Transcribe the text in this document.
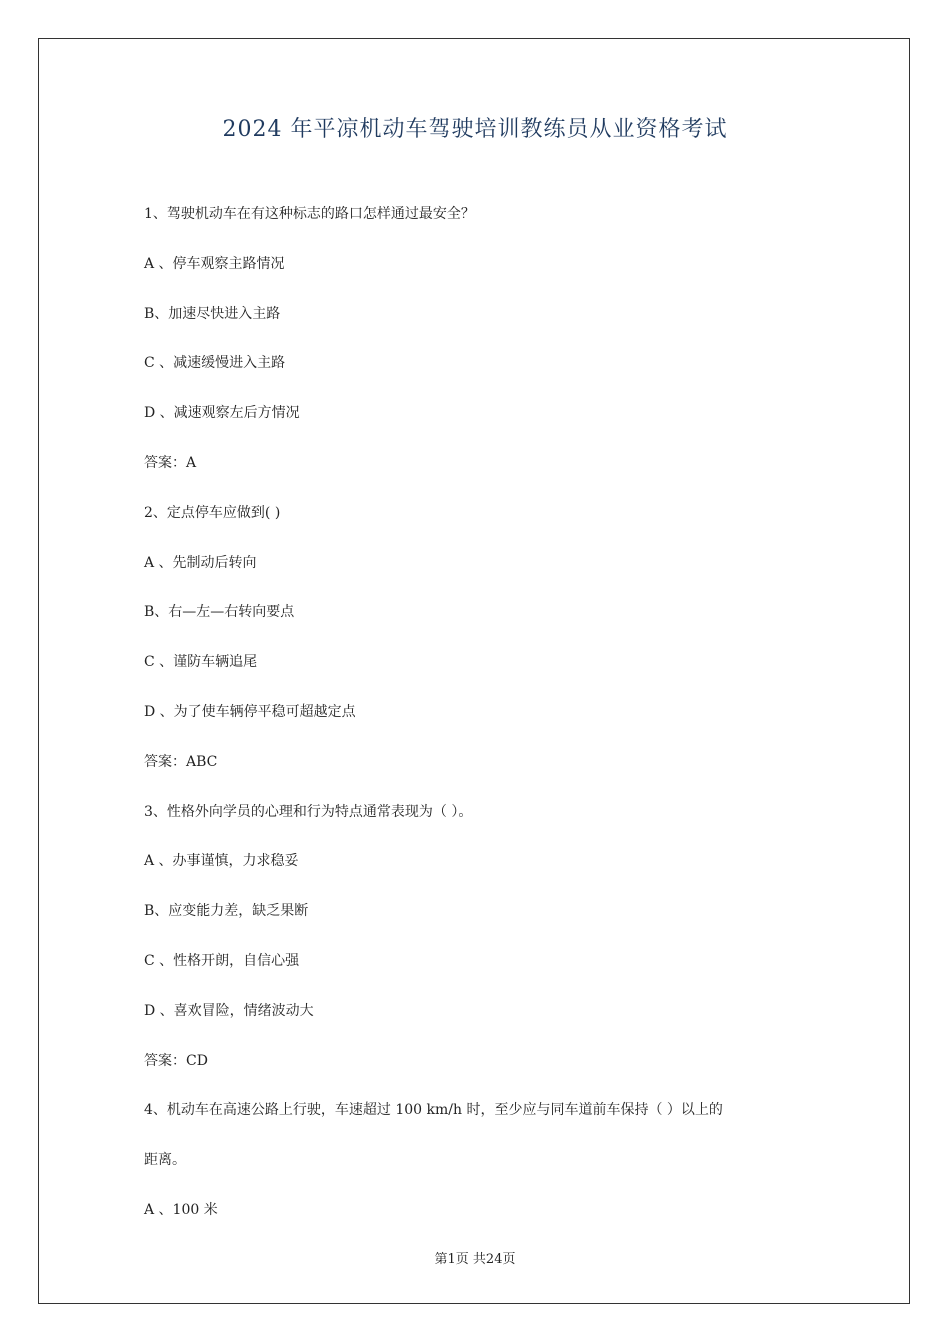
2024 年平凉机动车驾驶培训教练员从业资格考试
1、驾驶机动车在有这种标志的路口怎样通过最安全？
A 、停车观察主路情况
B、加速尽快进入主路
C 、减速缓慢进入主路
D 、减速观察左后方情况
答案：A
2、定点停车应做到( )
A 、先制动后转向
B、右—左—右转向要点
C 、谨防车辆追尾
D 、为了使车辆停平稳可超越定点
答案：ABC
3、性格外向学员的心理和行为特点通常表现为（ ）。
A 、办事谨慎，力求稳妥
B、应变能力差，缺乏果断
C 、性格开朗，自信心强
D 、喜欢冒险，情绪波动大
答案：CD
4、机动车在高速公路上行驶，车速超过 100 km/h 时，至少应与同车道前车保持（ ）以上的
距离。
A 、100 米
第1页 共24页
